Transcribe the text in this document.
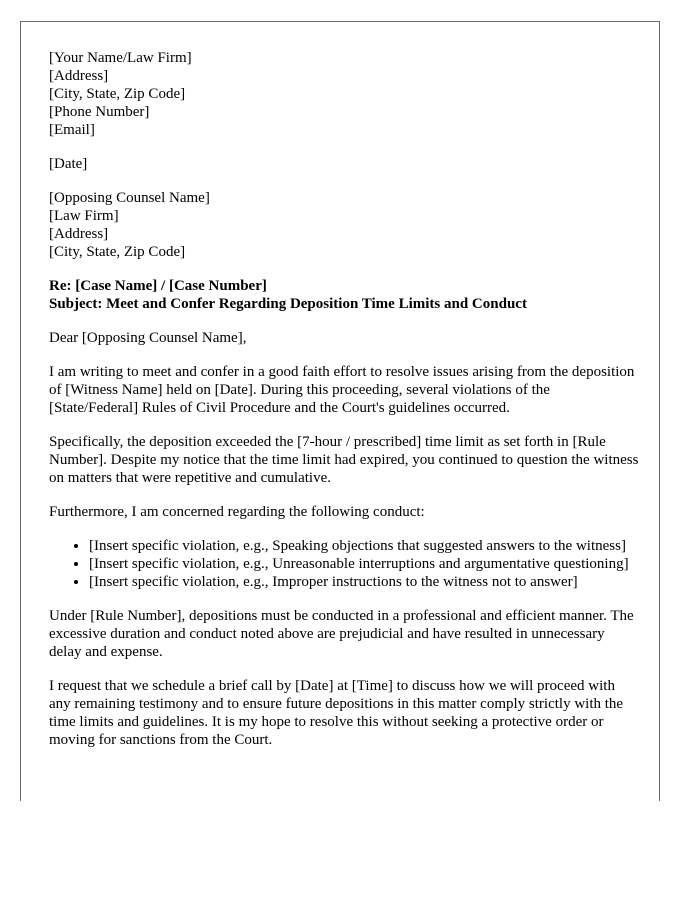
[Your Name/Law Firm]
[Address]
[City, State, Zip Code]
[Phone Number]
[Email]
[Date]
[Opposing Counsel Name]
[Law Firm]
[Address]
[City, State, Zip Code]
Re: [Case Name] / [Case Number]
Subject: Meet and Confer Regarding Deposition Time Limits and Conduct

Dear [Opposing Counsel Name],

I am writing to meet and confer in a good faith effort to resolve issues arising from the deposition of [Witness Name] held on [Date]. During this proceeding, several violations of the [State/Federal] Rules of Civil Procedure and the Court's guidelines occurred.

Specifically, the deposition exceeded the [7-hour / prescribed] time limit as set forth in [Rule Number]. Despite my notice that the time limit had expired, you continued to question the witness on matters that were repetitive and cumulative.

Furthermore, I am concerned regarding the following conduct:

• [Insert specific violation, e.g., Speaking objections that suggested answers to the witness]
• [Insert specific violation, e.g., Unreasonable interruptions and argumentative questioning]
• [Insert specific violation, e.g., Improper instructions to the witness not to answer]

Under [Rule Number], depositions must be conducted in a professional and efficient manner. The excessive duration and conduct noted above are prejudicial and have resulted in unnecessary delay and expense.

I request that we schedule a brief call by [Date] at [Time] to discuss how we will proceed with any remaining testimony and to ensure future depositions in this matter comply strictly with the time limits and guidelines. It is my hope to resolve this without seeking a protective order or moving for sanctions from the Court.
